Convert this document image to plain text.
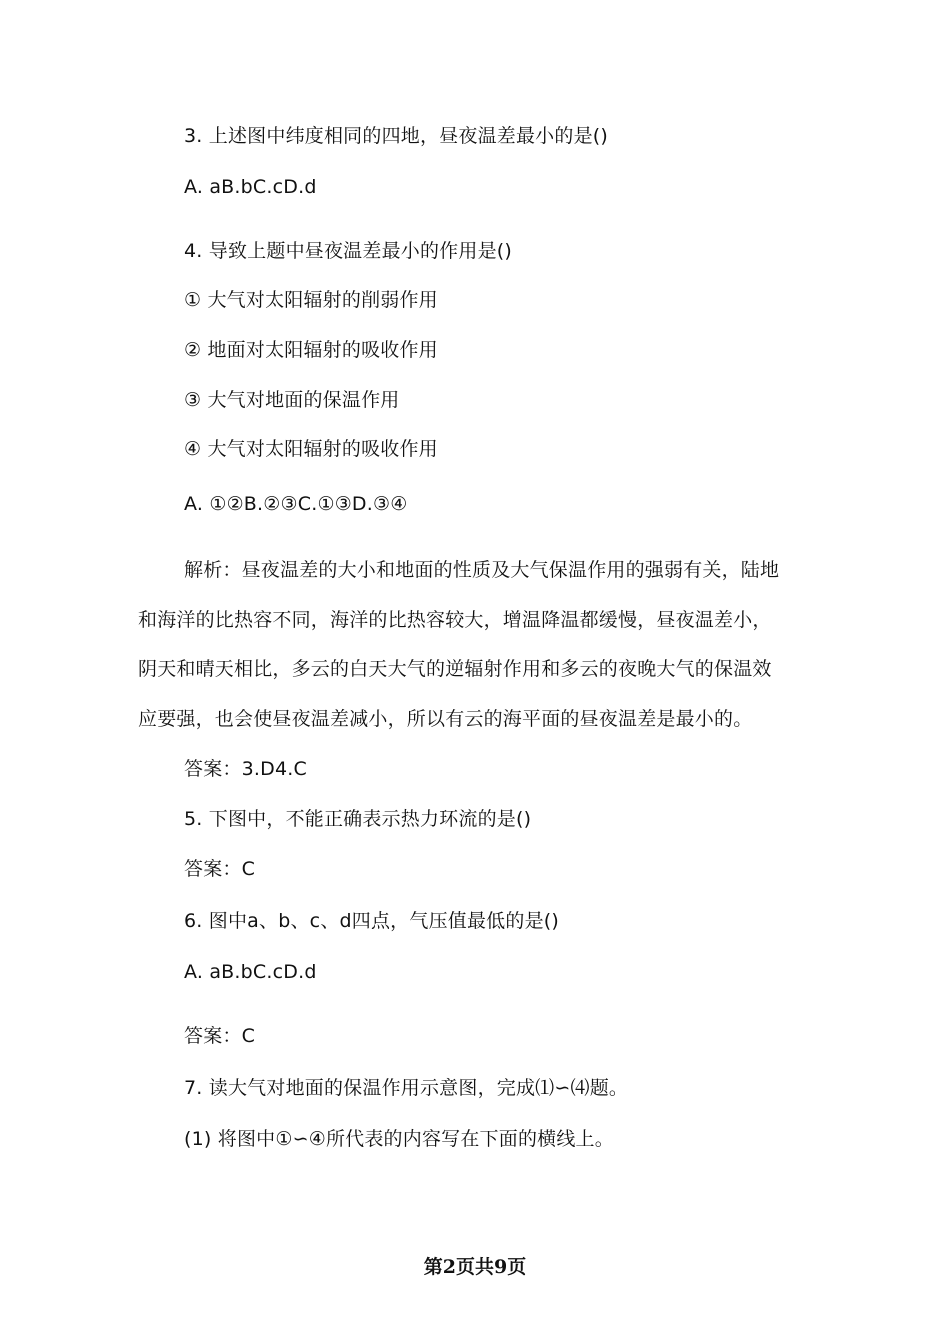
3. 上述图中纬度相同的四地，昼夜温差最小的是()
A. aB.bC.cD.d
4. 导致上题中昼夜温差最小的作用是()
① 大气对太阳辐射的削弱作用
② 地面对太阳辐射的吸收作用
③ 大气对地面的保温作用
④ 大气对太阳辐射的吸收作用
A. ①②B.②③C.①③D.③④
解析：昼夜温差的大小和地面的性质及大气保温作用的强弱有关，陆地
和海洋的比热容不同，海洋的比热容较大，增温降温都缓慢，昼夜温差小，
阴天和晴天相比，多云的白天大气的逆辐射作用和多云的夜晚大气的保温效
应要强，也会使昼夜温差减小，所以有云的海平面的昼夜温差是最小的。
答案：3.D4.C
5. 下图中，不能正确表示热力环流的是()
答案：C
6. 图中a、b、c、d四点，气压值最低的是()
A. aB.bC.cD.d
答案：C
7. 读大气对地面的保温作用示意图，完成⑴∽⑷题。
(1) 将图中①∽④所代表的内容写在下面的横线上。
第2页共9页
